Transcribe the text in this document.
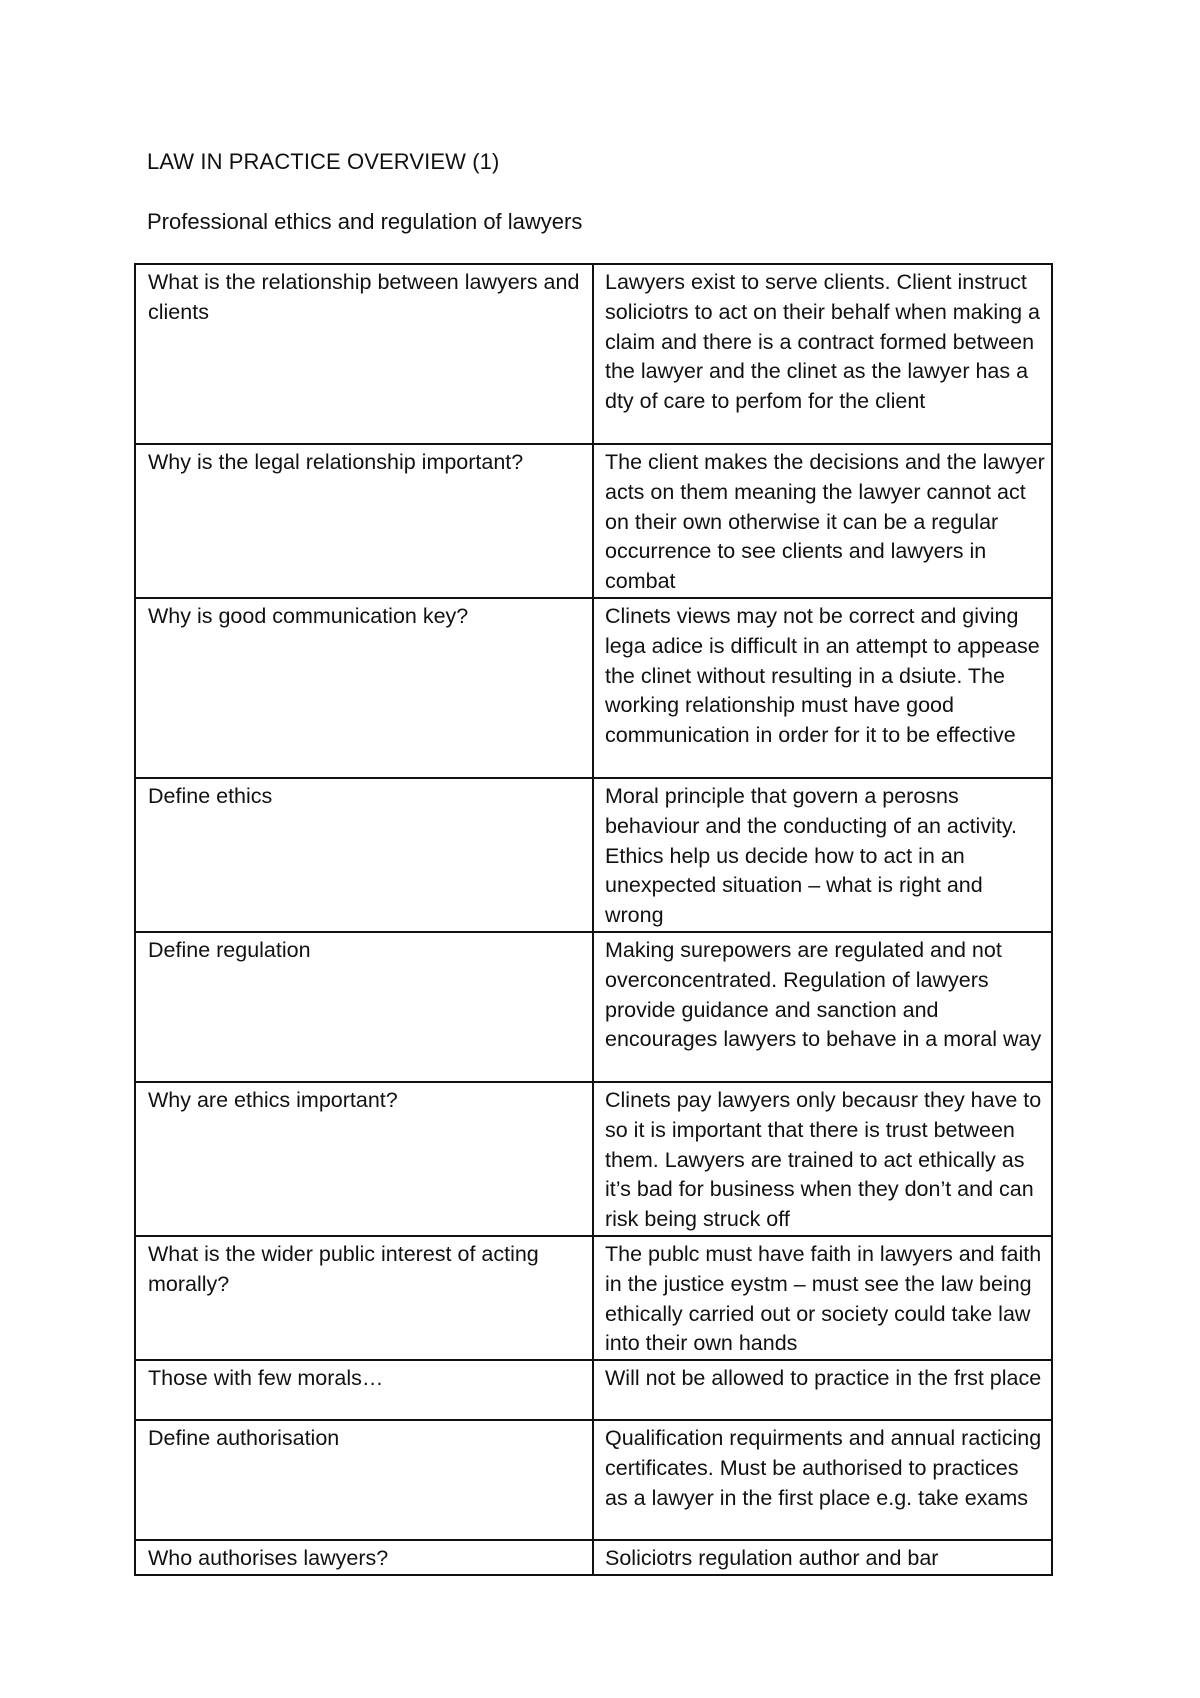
LAW IN PRACTICE OVERVIEW (1)
Professional ethics and regulation of lawyers
What is the relationship between lawyers and clients	Lawyers exist to serve clients. Client instruct soliciotrs to act on their behalf when making a claim and there is a contract formed between the lawyer and the clinet as the lawyer has a dty of care to perfom for the client

Why is the legal relationship important?	The client makes the decisions and the lawyer acts on them meaning the lawyer cannot act on their own otherwise it can be a regular occurrence to see clients and lawyers in combat

Why is good communication key?	Clinets views may not be correct and giving lega adice is difficult in an attempt to appease the clinet without resulting in a dsiute. The working relationship must have good communication in order for it to be effective

Define ethics	Moral principle that govern a perosns behaviour and the conducting of an activity. Ethics help us decide how to act in an unexpected situation – what is right and wrong

Define regulation	Making surepowers are regulated and not overconcentrated. Regulation of lawyers provide guidance and sanction and encourages lawyers to behave in a moral way

Why are ethics important?	Clinets pay lawyers only becausr they have to so it is important that there is trust between them. Lawyers are trained to act ethically as it’s bad for business when they don’t and can risk being struck off

What is the wider public interest of acting morally?	The publc must have faith in lawyers and faith in the justice eystm – must see the law being ethically carried out or society could take law into their own hands

Those with few morals…	Will not be allowed to practice in the frst place

Define authorisation	Qualification requirments and annual racticing certificates. Must be authorised to practices as a lawyer in the first place e.g. take exams

Who authorises lawyers?	Soliciotrs regulation author and bar
